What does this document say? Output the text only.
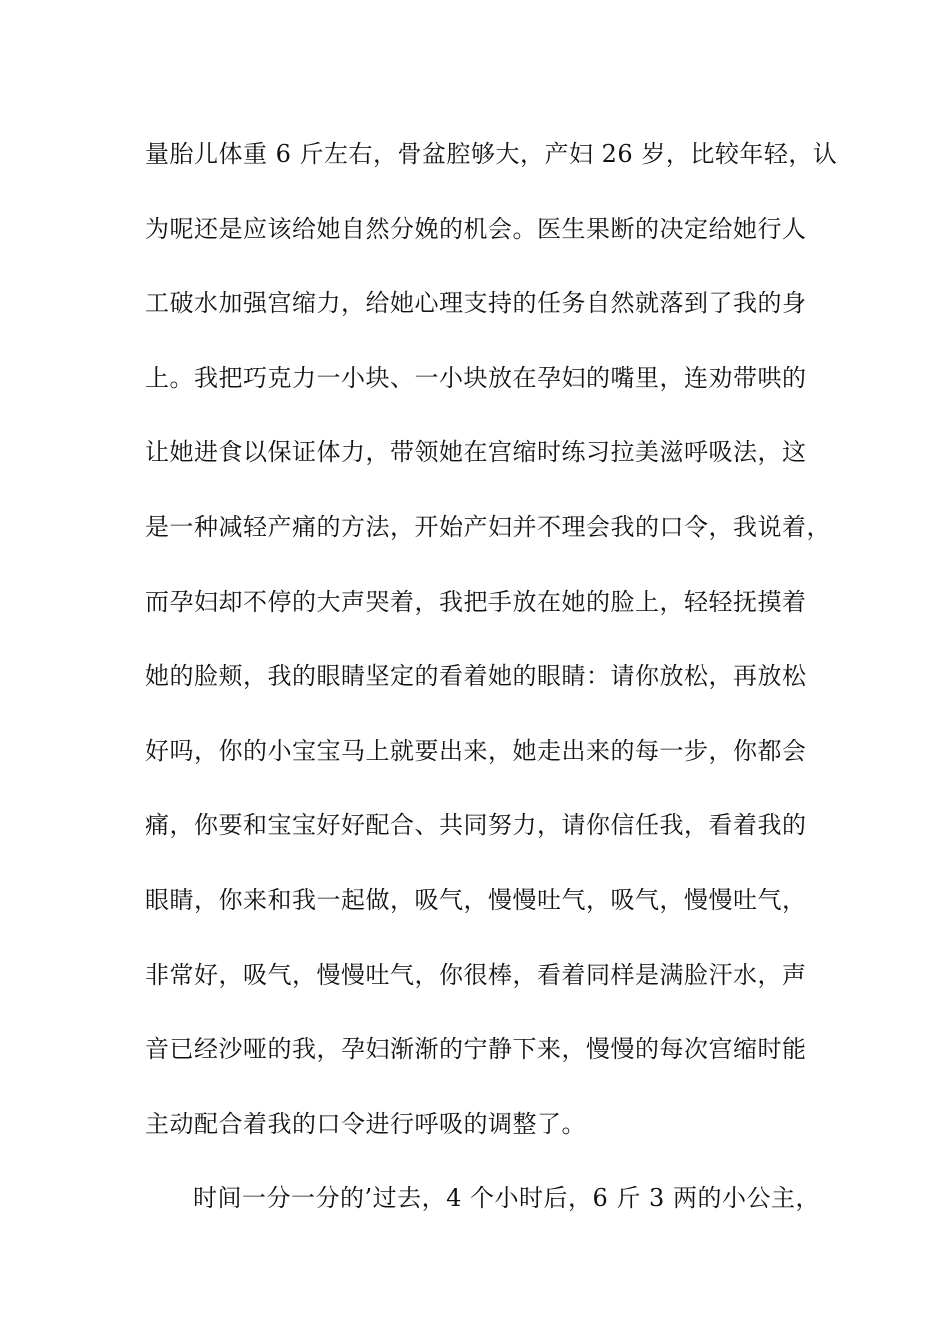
量胎儿体重 6 斤左右，骨盆腔够大，产妇 26 岁，比较年轻，认
为呢还是应该给她自然分娩的机会。医生果断的决定给她行人
工破水加强宫缩力，给她心理支持的任务自然就落到了我的身
上。我把巧克力一小块、一小块放在孕妇的嘴里，连劝带哄的
让她进食以保证体力，带领她在宫缩时练习拉美滋呼吸法，这
是一种减轻产痛的方法，开始产妇并不理会我的口令，我说着，
而孕妇却不停的大声哭着，我把手放在她的脸上，轻轻抚摸着
她的脸颊，我的眼睛坚定的看着她的眼睛：请你放松，再放松
好吗，你的小宝宝马上就要出来，她走出来的每一步，你都会
痛，你要和宝宝好好配合、共同努力，请你信任我，看着我的
眼睛，你来和我一起做，吸气，慢慢吐气，吸气，慢慢吐气，
非常好，吸气，慢慢吐气，你很棒，看着同样是满脸汗水，声
音已经沙哑的我，孕妇渐渐的宁静下来，慢慢的每次宫缩时能
主动配合着我的口令进行呼吸的调整了。
时间一分一分的’过去，4 个小时后，6 斤 3 两的小公主，
